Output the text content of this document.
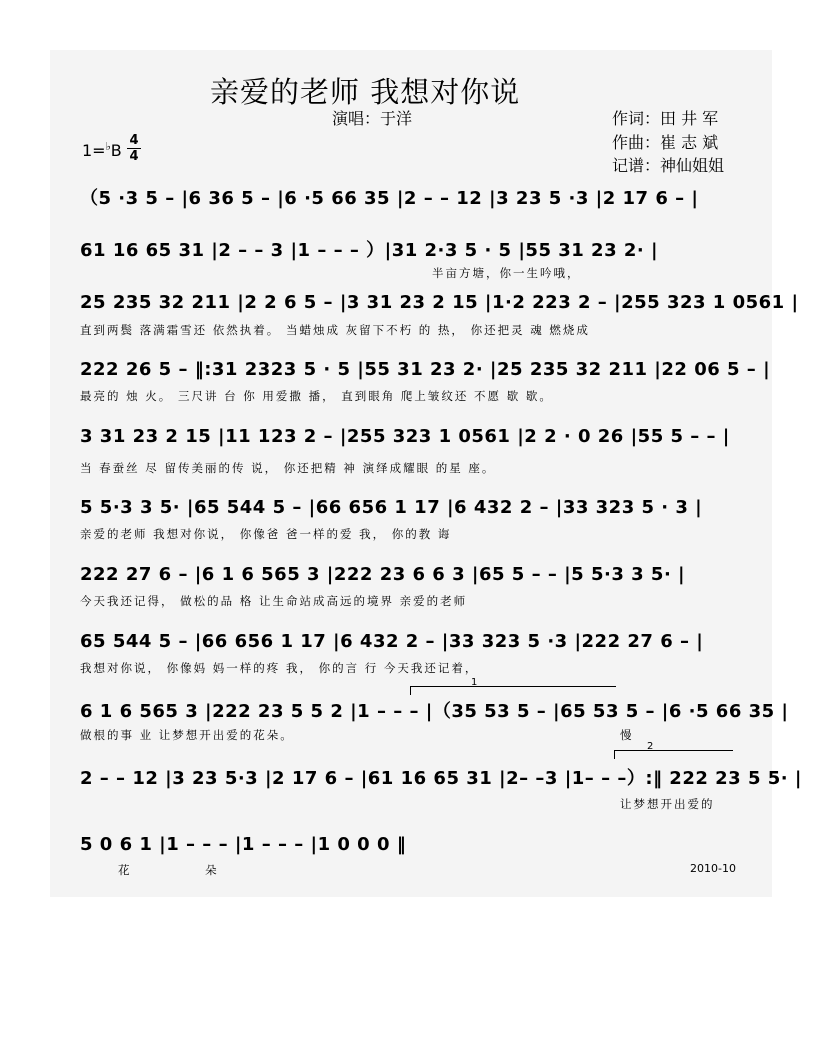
亲爱的老师 我想对你说
演唱：于洋	作词：田 井 军
作曲：崔 志 斌
记谱：神仙姐姐
1=♭B
4
4
（5 ·3 5 – |6 36 5 – |6 ·5 66 35 |2 – – 12 |3 23 5 ·3 |2 17 6 – |
61 16 65 31 |2 – – 3 |1 – – – ）|31 2·3 5 · 5 |55 31 23 2· |
半亩方塘，你一生吟哦，
25 235 32 211 |2 2 6 5 – |3 31 23 2 15 |1·2 223 2 – |255 323 1 0561 |
直到两鬓 落满霜雪还 依然执着。 当蜡烛成 灰留下不朽 的 热， 你还把灵 魂 燃烧成
222 26 5 – ‖:31 2323 5 · 5 |55 31 23 2· |25 235 32 211 |22 06 5 – |
最亮的 烛 火。 三尺讲 台 你 用爱撒 播， 直到眼角 爬上皱纹还 不愿 歇 歇。
3 31 23 2 15 |11 123 2 – |255 323 1 0561 |2 2 · 0 26 |55 5 – – |
当 春蚕丝 尽 留传美丽的传 说， 你还把精 神 演绎成耀眼 的星 座。
5 5·3 3 5· |65 544 5 – |66 656 1 17 |6 432 2 – |33 323 5 · 3 |
亲爱的老师 我想对你说， 你像爸 爸一样的爱 我， 你的教 诲
222 27 6 – |6 1 6 565 3 |222 23 6 6 3 |65 5 – – |5 5·3 3 5· |
今天我还记得， 做松的品 格 让生命站成高远的境界 亲爱的老师
65 544 5 – |66 656 1 17 |6 432 2 – |33 323 5 ·3 |222 27 6 – |
我想对你说， 你像妈 妈一样的疼 我， 你的言 行 今天我还记着，
1
6 1 6 565 3 |222 23 5 5 2 |1 – – – |（35 53 5 – |65 53 5 – |6 ·5 66 35 |
做根的事 业 让梦想开出爱的花朵。	慢
2
2 – – 12 |3 23 5·3 |2 17 6 – |61 16 65 31 |2– –3 |1– – –）:‖ 222 23 5 5· |
让梦想开出爱的
5 0 6 1 |1 – – – |1 – – – |1 0 0 0 ‖
花 朵	2010-10
